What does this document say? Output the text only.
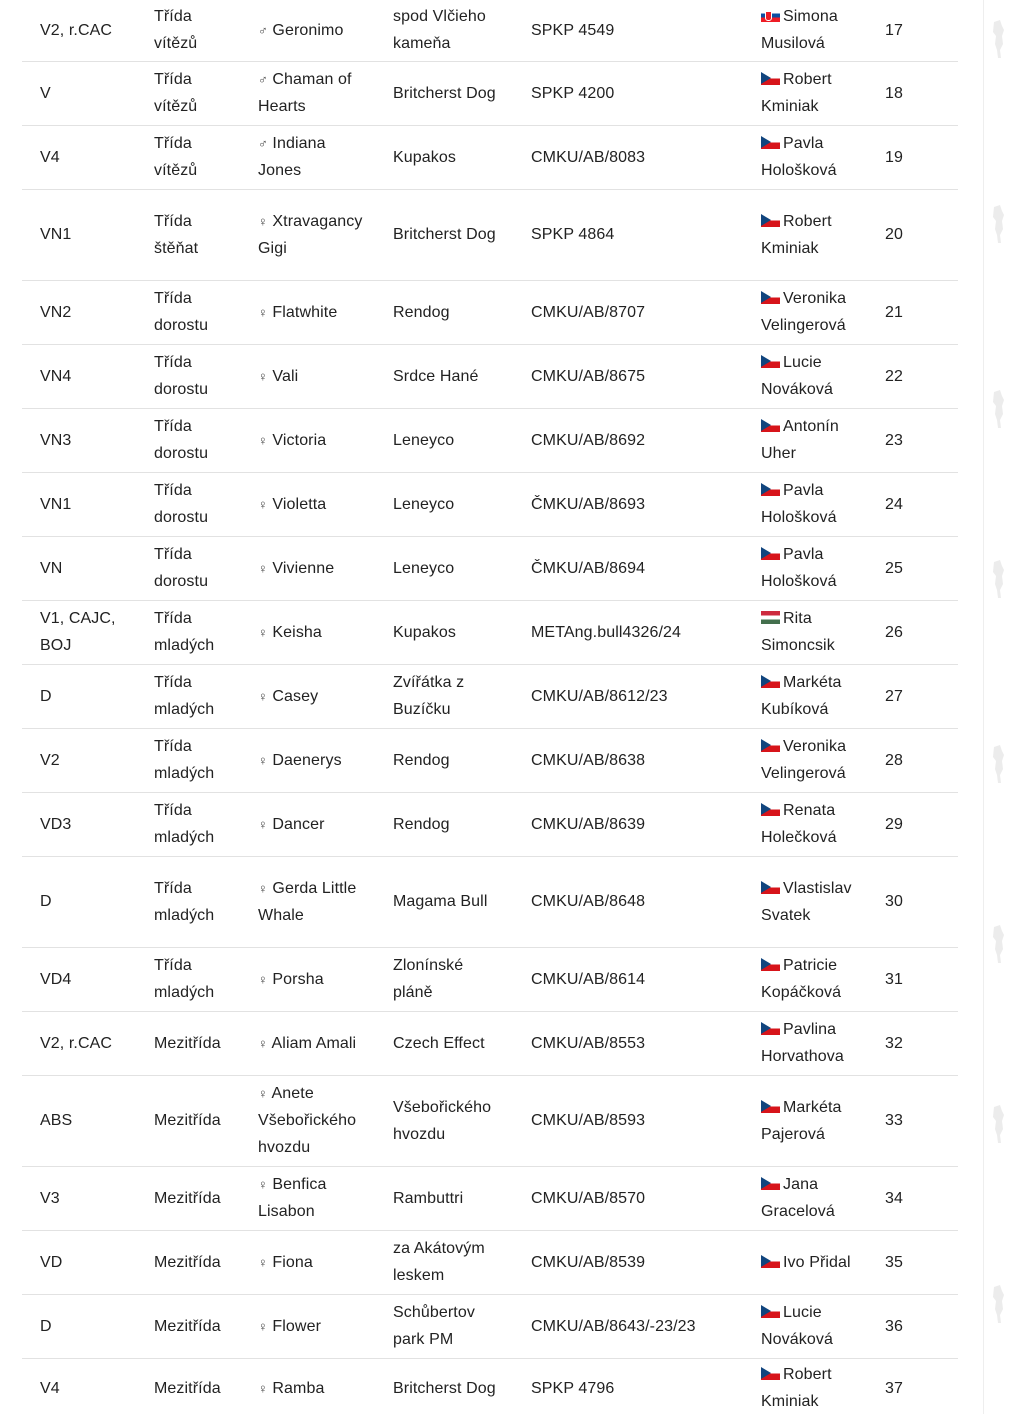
V2, r.CAC	Třída vítězů	♂ Geronimo	spod Vlčieho kameňa	SPKP 4549	Simona Musilová	17
V	Třída vítězů	♂ Chaman of Hearts	Britcherst Dog	SPKP 4200	Robert Kminiak	18
V4	Třída vítězů	♂ Indiana Jones	Kupakos	CMKU/AB/8083	Pavla Hološková	19
VN1	Třída štěňat	♀ Xtravagancy Gigi	Britcherst Dog	SPKP 4864	Robert Kminiak	20
VN2	Třída dorostu	♀ Flatwhite	Rendog	CMKU/AB/8707	Veronika Velingerová	21
VN4	Třída dorostu	♀ Vali	Srdce Hané	CMKU/AB/8675	Lucie Nováková	22
VN3	Třída dorostu	♀ Victoria	Leneyco	CMKU/AB/8692	Antonín Uher	23
VN1	Třída dorostu	♀ Violetta	Leneyco	ČMKU/AB/8693	Pavla Hološková	24
VN	Třída dorostu	♀ Vivienne	Leneyco	ČMKU/AB/8694	Pavla Hološková	25
V1, CAJC, BOJ	Třída mladých	♀ Keisha	Kupakos	METAng.bull4326/24	Rita Simoncsik	26
D	Třída mladých	♀ Casey	Zvířátka z Buzíčku	CMKU/AB/8612/23	Markéta Kubíková	27
V2	Třída mladých	♀ Daenerys	Rendog	CMKU/AB/8638	Veronika Velingerová	28
VD3	Třída mladých	♀ Dancer	Rendog	CMKU/AB/8639	Renata Holečková	29
D	Třída mladých	♀ Gerda Little Whale	Magama Bull	CMKU/AB/8648	Vlastislav Svatek	30
VD4	Třída mladých	♀ Porsha	Zlonínské pláně	CMKU/AB/8614	Patricie Kopáčková	31
V2, r.CAC	Mezitřída	♀ Aliam Amali	Czech Effect	CMKU/AB/8553	Pavlina Horvathova	32
ABS	Mezitřída	♀ Anete Všebořického hvozdu	Všebořického hvozdu	CMKU/AB/8593	Markéta Pajerová	33
V3	Mezitřída	♀ Benfica Lisabon	Rambuttri	CMKU/AB/8570	Jana Gracelová	34
VD	Mezitřída	♀ Fiona	za Akátovým leskem	CMKU/AB/8539	Ivo Přidal	35
D	Mezitřída	♀ Flower	Schůbertov park PM	CMKU/AB/8643/-23/23	Lucie Nováková	36
V4	Mezitřída	♀ Ramba	Britcherst Dog	SPKP 4796	Robert Kminiak	37
